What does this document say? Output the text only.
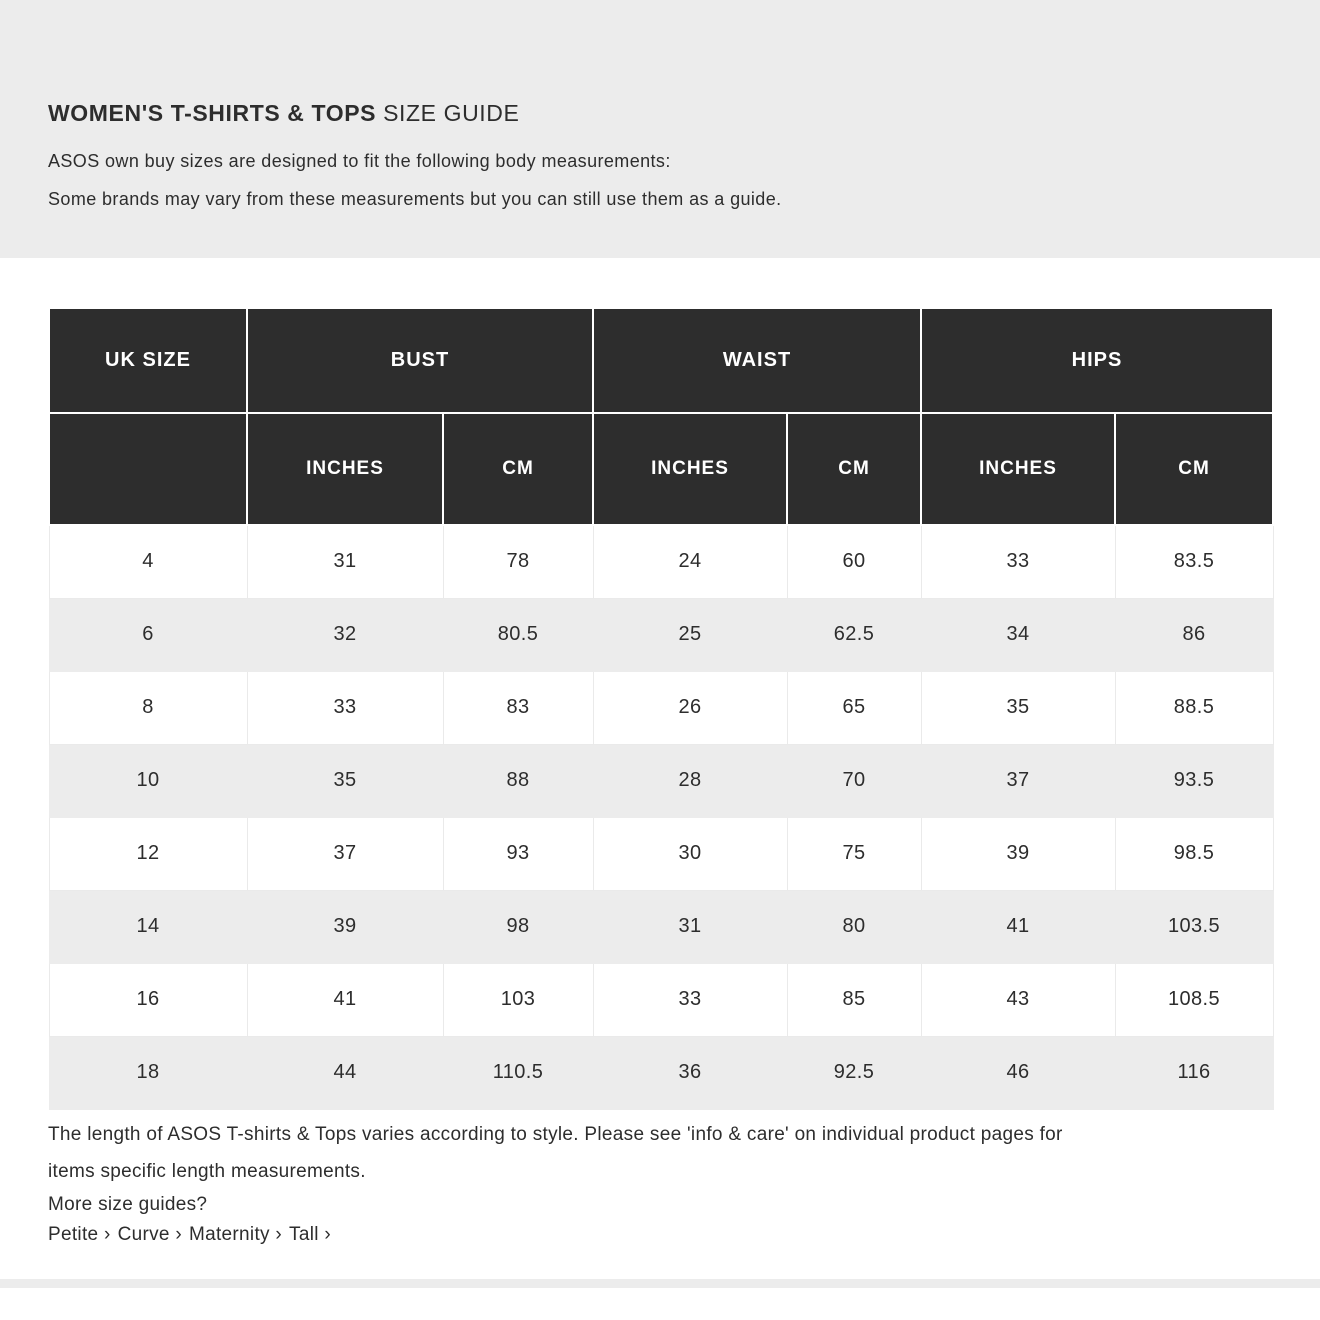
WOMEN'S T-SHIRTS & TOPS SIZE GUIDE
ASOS own buy sizes are designed to fit the following body measurements:
Some brands may vary from these measurements but you can still use them as a guide.
UK SIZE	BUST		WAIST		HIPS	
	INCHES	CM	INCHES	CM	INCHES	CM
4	31	78	24	60	33	83.5
6	32	80.5	25	62.5	34	86
8	33	83	26	65	35	88.5
10	35	88	28	70	37	93.5
12	37	93	30	75	39	98.5
14	39	98	31	80	41	103.5
16	41	103	33	85	43	108.5
18	44	110.5	36	92.5	46	116

The length of ASOS T-shirts & Tops varies according to style. Please see 'info & care' on individual product pages for
items specific length measurements.

More size guides?

Petite › Curve › Maternity › Tall ›
